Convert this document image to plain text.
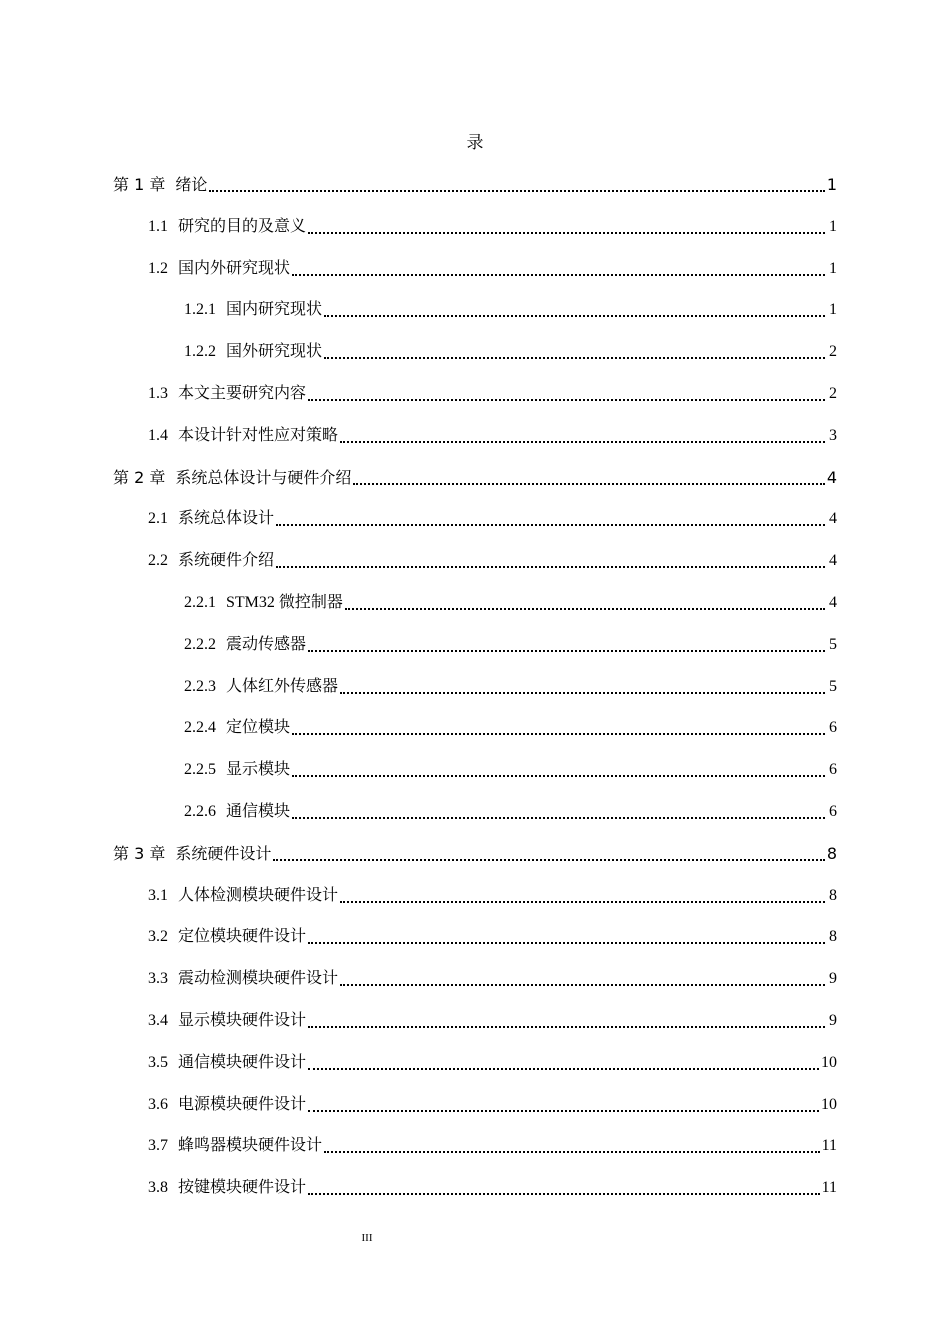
录
第 1 章 绪论	1
1.1 研究的目的及意义	1
1.2 国内外研究现状	1
1.2.1 国内研究现状	1
1.2.2 国外研究现状	2
1.3 本文主要研究内容	2
1.4 本设计针对性应对策略	3
第 2 章 系统总体设计与硬件介绍	4
2.1 系统总体设计	4
2.2 系统硬件介绍	4
2.2.1 STM32 微控制器	4
2.2.2 震动传感器	5
2.2.3 人体红外传感器	5
2.2.4 定位模块	6
2.2.5 显示模块	6
2.2.6 通信模块	6
第 3 章 系统硬件设计	8
3.1 人体检测模块硬件设计	8
3.2 定位模块硬件设计	8
3.3 震动检测模块硬件设计	9
3.4 显示模块硬件设计	9
3.5 通信模块硬件设计	10
3.6 电源模块硬件设计	10
3.7 蜂鸣器模块硬件设计	11
3.8 按键模块硬件设计	11
III
